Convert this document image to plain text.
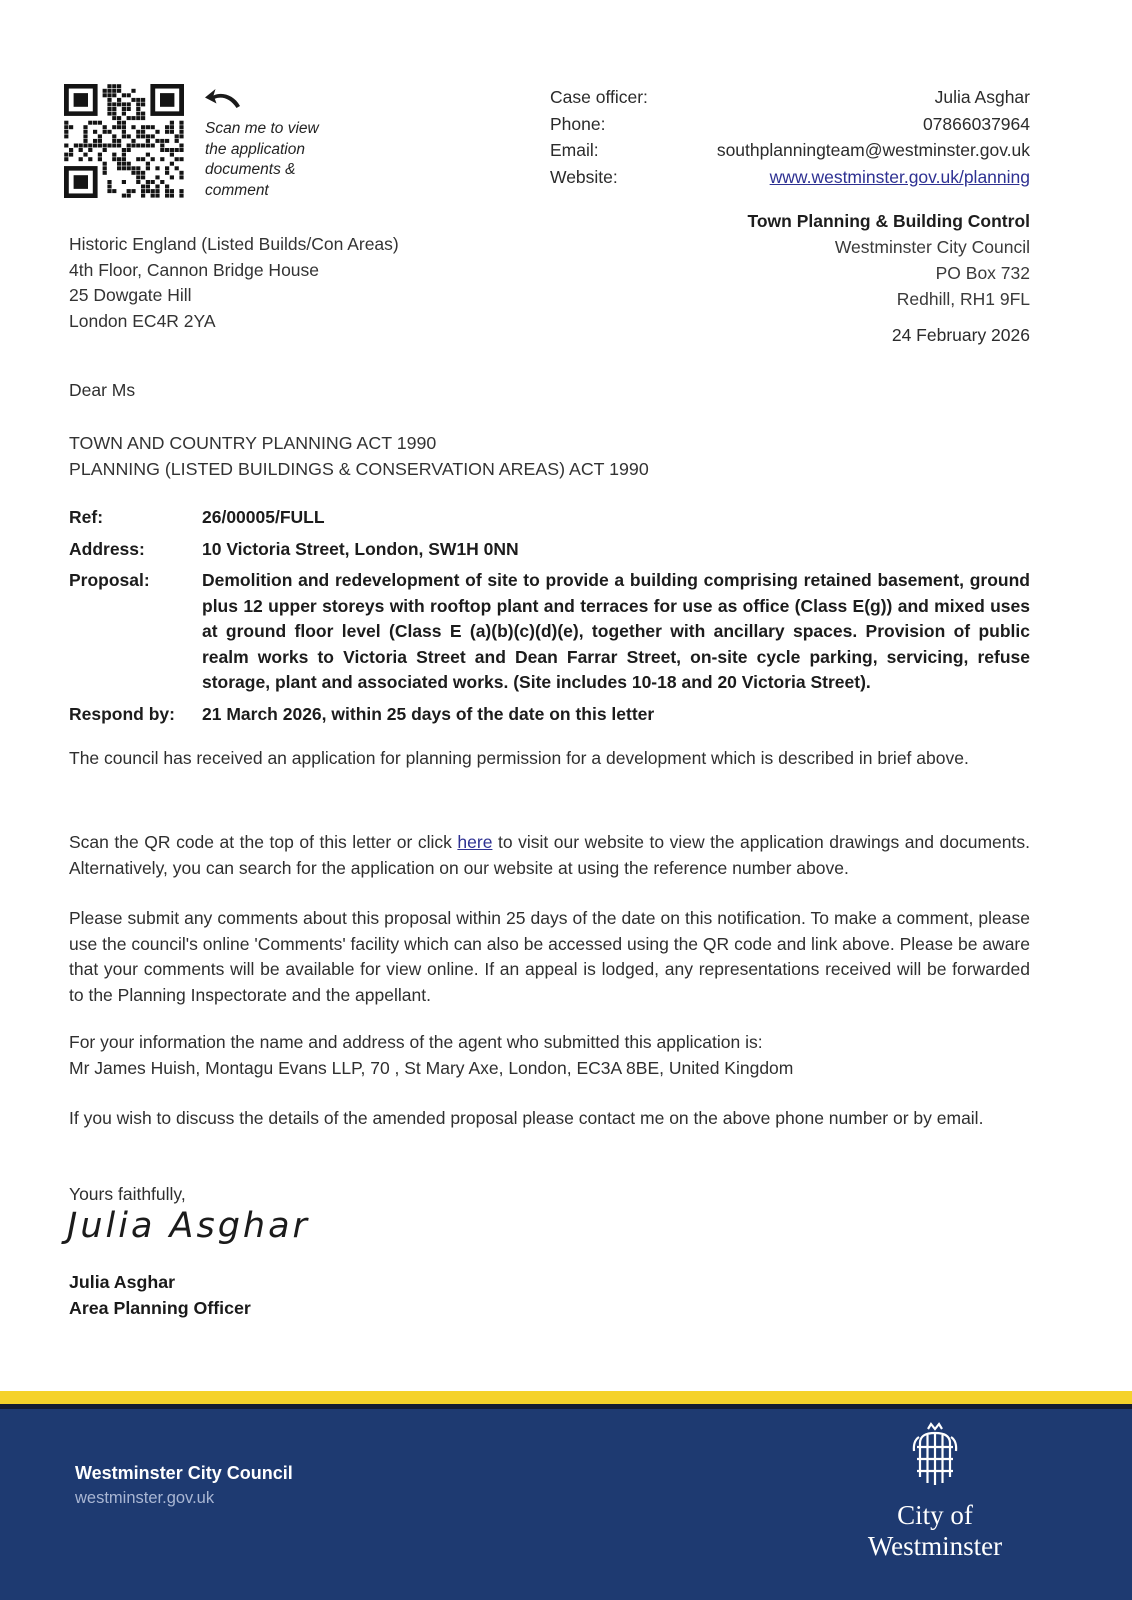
Scan me to view
the application
documents &
comment
Case officer:	Julia Asghar
Phone:	07866037964
Email:	southplanningteam@westminster.gov.uk
Website:	www.westminster.gov.uk/planning
Town Planning & Building Control
Westminster City Council
PO Box 732
Redhill, RH1 9FL
24 February 2026
Historic England (Listed Builds/Con Areas)
4th Floor, Cannon Bridge House
25 Dowgate Hill
London EC4R 2YA
Dear Ms
TOWN AND COUNTRY PLANNING ACT 1990
PLANNING (LISTED BUILDINGS & CONSERVATION AREAS) ACT 1990
Ref:	26/00005/FULL
Address:	10 Victoria Street, London, SW1H 0NN
Proposal:	Demolition and redevelopment of site to provide a building comprising retained basement, ground plus 12 upper storeys with rooftop plant and terraces for use as office (Class E(g)) and mixed uses at ground floor level (Class E (a)(b)(c)(d)(e), together with ancillary spaces. Provision of public realm works to Victoria Street and Dean Farrar Street, on-site cycle parking, servicing, refuse storage, plant and associated works. (Site includes 10-18 and 20 Victoria Street).
Respond by:	21 March 2026, within 25 days of the date on this letter
The council has received an application for planning permission for a development which is described in brief above.
Scan the QR code at the top of this letter or click here to visit our website to view the application drawings and documents. Alternatively, you can search for the application on our website at using the reference number above.
Please submit any comments about this proposal within 25 days of the date on this notification. To make a comment, please use the council's online 'Comments' facility which can also be accessed using the QR code and link above. Please be aware that your comments will be available for view online. If an appeal is lodged, any representations received will be forwarded to the Planning Inspectorate and the appellant.
For your information the name and address of the agent who submitted this application is:
Mr James Huish, Montagu Evans LLP, 70 , St Mary Axe, London, EC3A 8BE, United Kingdom
If you wish to discuss the details of the amended proposal please contact me on the above phone number or by email.
Yours faithfully,
Julia Asghar
Julia Asghar
Area Planning Officer
Westminster City Council
westminster.gov.uk
City of Westminster
